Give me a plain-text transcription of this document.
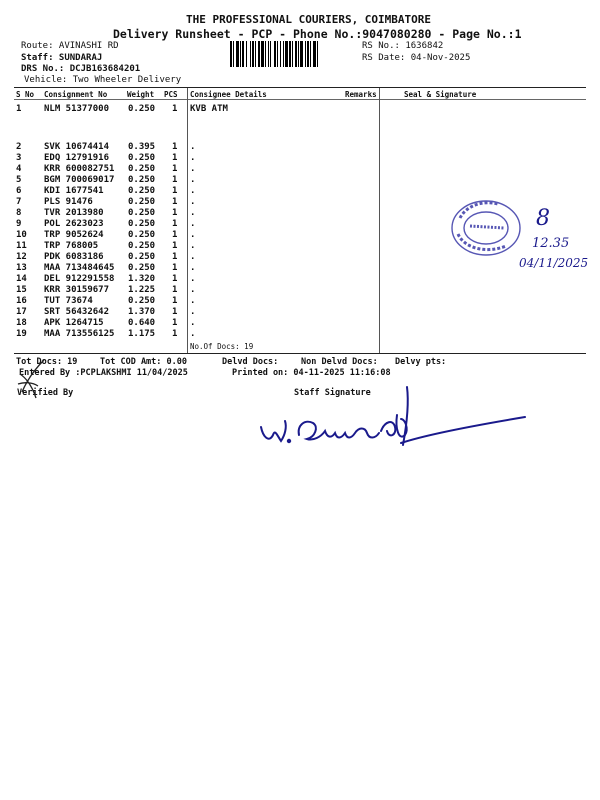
THE PROFESSIONAL COURIERS, COIMBATORE
Delivery Runsheet - PCP - Phone No.:9047080280 - Page No.:1
Route: AVINASHI RD
Staff: SUNDARAJ
DRS No.: DCJB163684201
Vehicle: Two Wheeler Delivery
RS No.: 1636842
RS Date: 04-Nov-2025
S No Consignment No	Weight PCS Consignee Details	Remarks	Seal & Signature
1	NLM 51377000 0.250 1 KVB ATM
2	SVK 10674414 0.395 1 .
3	EDQ 12791916 0.250 1 .
4	KRR 600082751 0.250 1 .
5	BGM 700069017 0.250 1 .
6	KDI 1677541	0.250 1 .
7	PLS 91476	0.250 1 .
8	TVR 2013980	0.250 1 .
9	POL 2623023	0.250 1 .
10 TRP 9052624	0.250 1 .
11 TRP 768005	0.250 1 .
12 PDK 6083186	0.250 1 .
13 MAA 713484645 0.250 1 .
14 DEL 912291558 1.320 1 .
15 KRR 30159677 1.225 1 .
16 TUT 73674	0.250 1 .
17 SRT 56432642 1.370 1 .
18 APK 1264715	0.640 1 .
19 MAA 713556125 1.175 1 .
No.Of Docs: 19
Tot Docs: 19	Tot COD Amt: 0.00	Delvd Docs:	Non Delvd Docs: Delvy pts:
Entered By :PCPLAKSHMI 11/04/2025	Printed on: 04-11-2025 11:16:08
Verified By	Staff Signature
8
12.35
04/11/2025
